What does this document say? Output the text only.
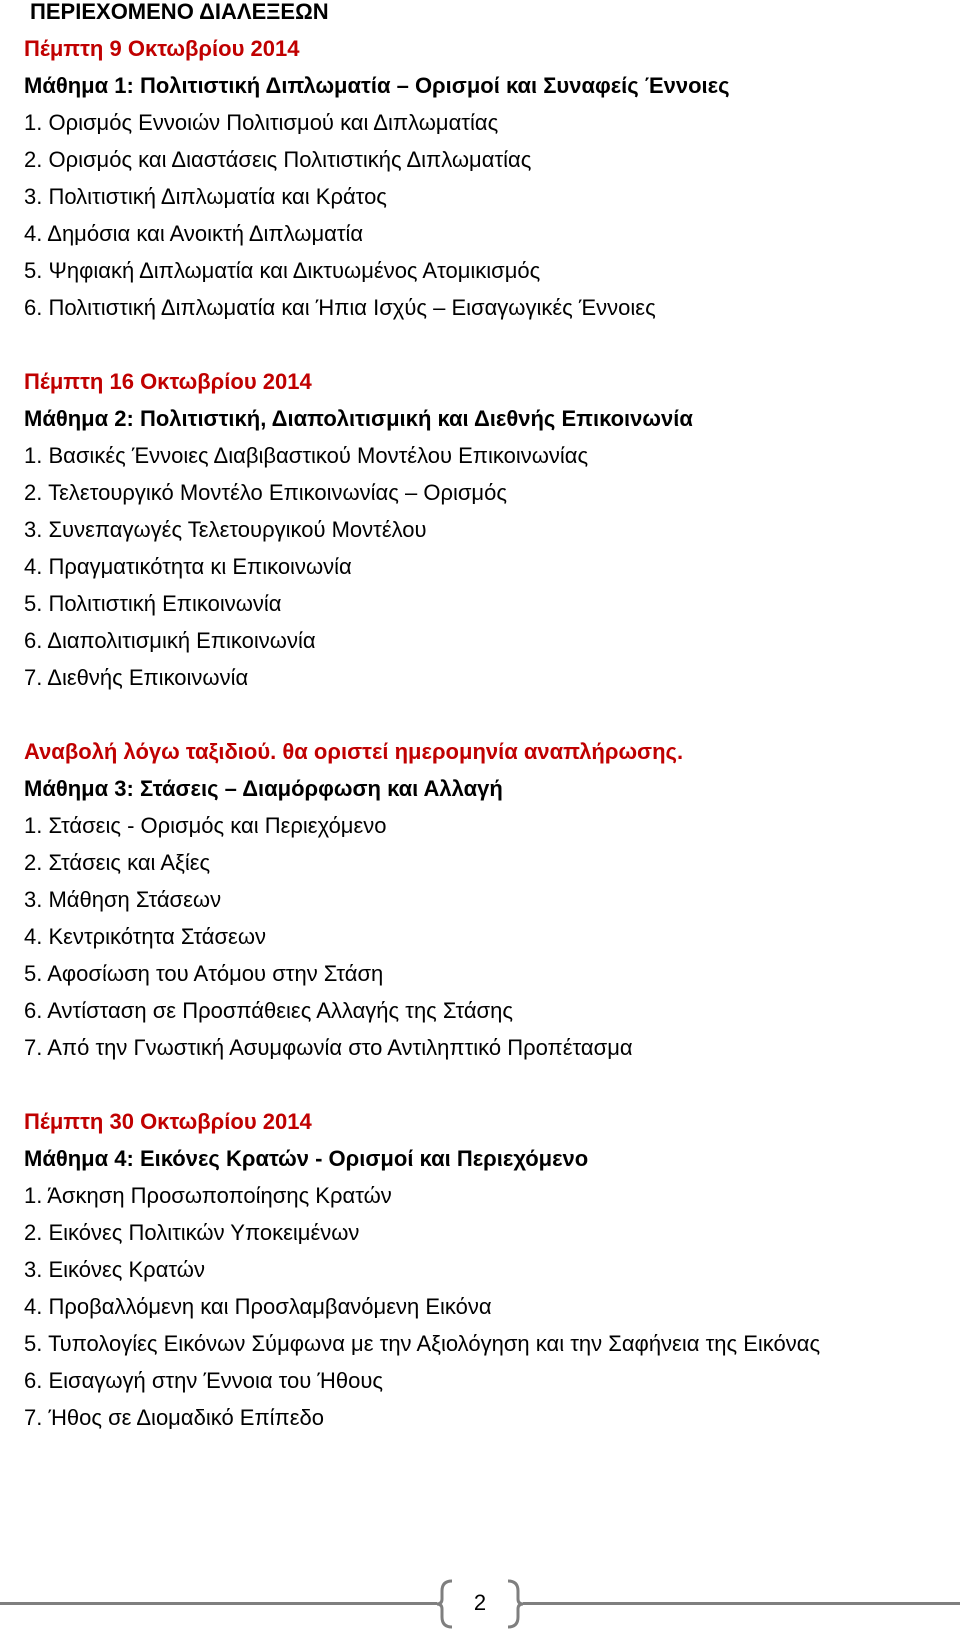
ΠΕΡΙΕΧΟΜΕΝΟ ΔΙΑΛΕΞΕΩΝ
Πέμπτη 9 Οκτωβρίου 2014
Μάθημα 1: Πολιτιστική Διπλωματία – Ορισμοί και Συναφείς Έννοιες
1. Ορισμός Εννοιών Πολιτισμού και Διπλωματίας
2. Ορισμός και Διαστάσεις Πολιτιστικής Διπλωματίας
3. Πολιτιστική Διπλωματία και Κράτος
4. Δημόσια και Ανοικτή Διπλωματία
5. Ψηφιακή Διπλωματία και Δικτυωμένος Ατομικισμός
6. Πολιτιστική Διπλωματία και Ήπια Ισχύς – Εισαγωγικές Έννοιες
Πέμπτη 16 Οκτωβρίου 2014
Μάθημα 2: Πολιτιστική, Διαπολιτισμική και Διεθνής Επικοινωνία
1. Βασικές Έννοιες Διαβιβαστικού Μοντέλου Επικοινωνίας
2. Τελετουργικό Μοντέλο Επικοινωνίας – Ορισμός
3. Συνεπαγωγές Τελετουργικού Μοντέλου
4. Πραγματικότητα κι Επικοινωνία
5. Πολιτιστική Επικοινωνία
6. Διαπολιτισμική Επικοινωνία
7. Διεθνής Επικοινωνία
Αναβολή λόγω ταξιδιού. θα οριστεί ημερομηνία αναπλήρωσης.
Μάθημα 3: Στάσεις – Διαμόρφωση και Αλλαγή
1. Στάσεις - Ορισμός και Περιεχόμενο
2. Στάσεις και Αξίες
3. Μάθηση Στάσεων
4. Κεντρικότητα Στάσεων
5. Αφοσίωση του Ατόμου στην Στάση
6. Αντίσταση σε Προσπάθειες Αλλαγής της Στάσης
7. Από την Γνωστική Ασυμφωνία στο Αντιληπτικό Προπέτασμα
Πέμπτη 30 Οκτωβρίου 2014
Μάθημα 4: Εικόνες Κρατών - Ορισμοί και Περιεχόμενο
1. Άσκηση Προσωποποίησης Κρατών
2. Εικόνες Πολιτικών Υποκειμένων
3. Εικόνες Κρατών
4. Προβαλλόμενη και Προσλαμβανόμενη Εικόνα
5. Τυπολογίες Εικόνων Σύμφωνα με την Αξιολόγηση και την Σαφήνεια της Εικόνας
6. Εισαγωγή στην Έννοια του Ήθους
7. Ήθος σε Διομαδικό Επίπεδο
2
